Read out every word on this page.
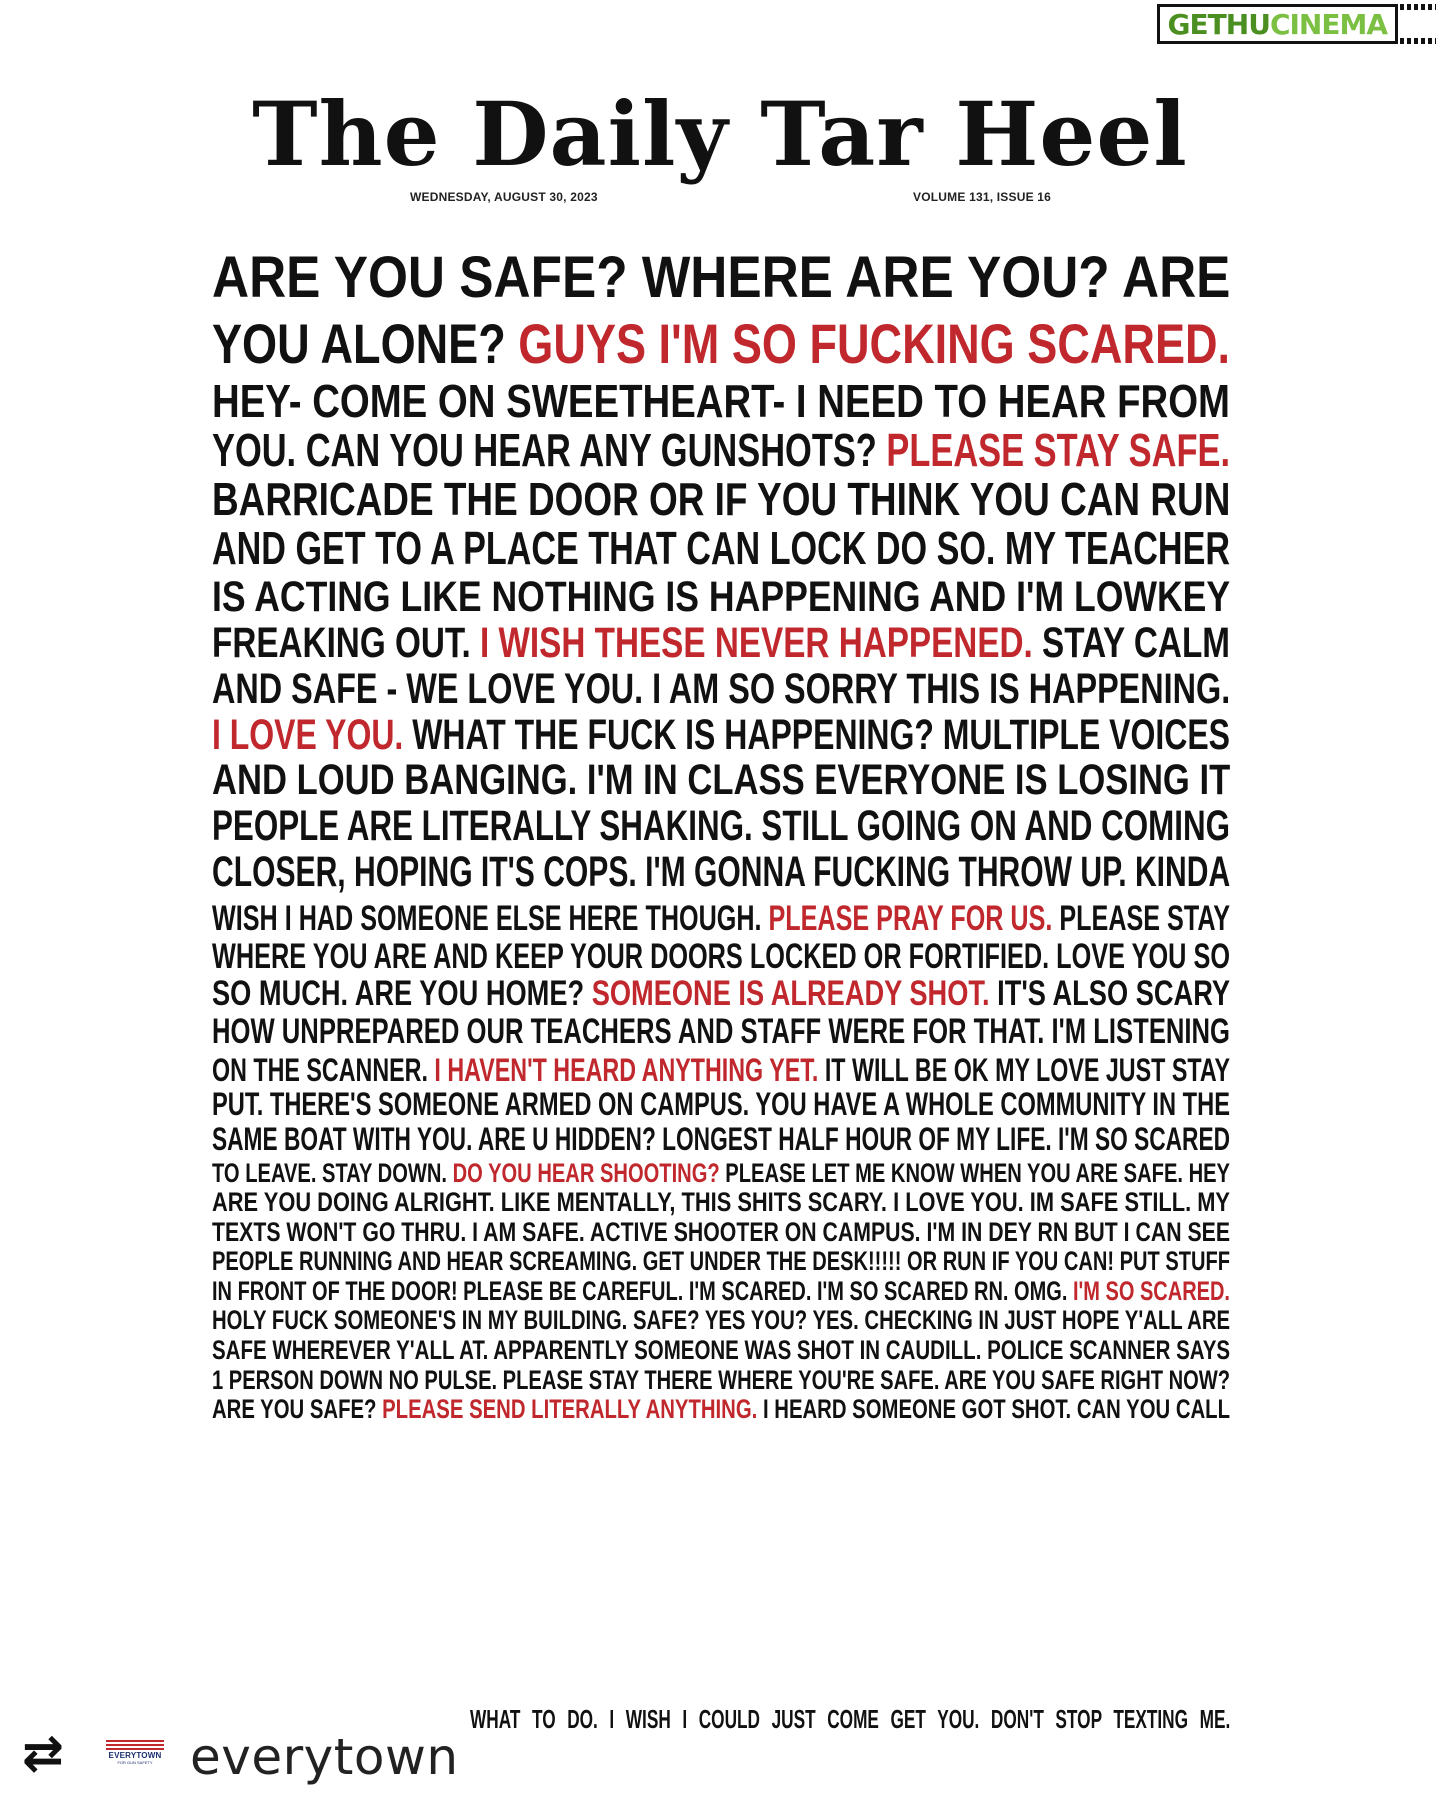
GETHU CINEMA
The Daily Tar Heel
WEDNESDAY, AUGUST 30, 2023	VOLUME 131, ISSUE 16
ARE YOU SAFE? WHERE ARE YOU? ARE
YOU ALONE? GUYS I'M SO FUCKING SCARED.
HEY- COME ON SWEETHEART- I NEED TO HEAR FROM
YOU. CAN YOU HEAR ANY GUNSHOTS? PLEASE STAY SAFE.
BARRICADE THE DOOR OR IF YOU THINK YOU CAN RUN
AND GET TO A PLACE THAT CAN LOCK DO SO. MY TEACHER
IS ACTING LIKE NOTHING IS HAPPENING AND I'M LOWKEY
FREAKING OUT. I WISH THESE NEVER HAPPENED. STAY CALM
AND SAFE - WE LOVE YOU. I AM SO SORRY THIS IS HAPPENING.
I LOVE YOU. WHAT THE FUCK IS HAPPENING? MULTIPLE VOICES
AND LOUD BANGING. I'M IN CLASS EVERYONE IS LOSING IT
PEOPLE ARE LITERALLY SHAKING. STILL GOING ON AND COMING
CLOSER, HOPING IT'S COPS. I'M GONNA FUCKING THROW UP. KINDA
WISH I HAD SOMEONE ELSE HERE THOUGH. PLEASE PRAY FOR US. PLEASE STAY
WHERE YOU ARE AND KEEP YOUR DOORS LOCKED OR FORTIFIED. LOVE YOU SO
SO MUCH. ARE YOU HOME? SOMEONE IS ALREADY SHOT. IT'S ALSO SCARY
HOW UNPREPARED OUR TEACHERS AND STAFF WERE FOR THAT. I'M LISTENING
ON THE SCANNER. I HAVEN'T HEARD ANYTHING YET. IT WILL BE OK MY LOVE JUST STAY
PUT. THERE'S SOMEONE ARMED ON CAMPUS. YOU HAVE A WHOLE COMMUNITY IN THE
SAME BOAT WITH YOU. ARE U HIDDEN? LONGEST HALF HOUR OF MY LIFE. I'M SO SCARED
TO LEAVE. STAY DOWN. DO YOU HEAR SHOOTING? PLEASE LET ME KNOW WHEN YOU ARE SAFE. HEY
ARE YOU DOING ALRIGHT. LIKE MENTALLY, THIS SHITS SCARY. I LOVE YOU. IM SAFE STILL. MY
TEXTS WON'T GO THRU. I AM SAFE. ACTIVE SHOOTER ON CAMPUS. I'M IN DEY RN BUT I CAN SEE
PEOPLE RUNNING AND HEAR SCREAMING. GET UNDER THE DESK!!!!! OR RUN IF YOU CAN! PUT STUFF
IN FRONT OF THE DOOR! PLEASE BE CAREFUL. I'M SCARED. I'M SO SCARED RN. OMG. I'M SO SCARED.
HOLY FUCK SOMEONE'S IN MY BUILDING. SAFE? YES YOU? YES. CHECKING IN JUST HOPE Y'ALL ARE
SAFE WHEREVER Y'ALL AT. APPARENTLY SOMEONE WAS SHOT IN CAUDILL. POLICE SCANNER SAYS
1 PERSON DOWN NO PULSE. PLEASE STAY THERE WHERE YOU'RE SAFE. ARE YOU SAFE RIGHT NOW?
ARE YOU SAFE? PLEASE SEND LITERALLY ANYTHING. I HEARD SOMEONE GOT SHOT. CAN YOU CALL
⇄	EVERYTOWN
FOR GUN SAFETY everytown
WHAT TO DO. I WISH I COULD JUST COME GET YOU. DON'T STOP TEXTING ME.
